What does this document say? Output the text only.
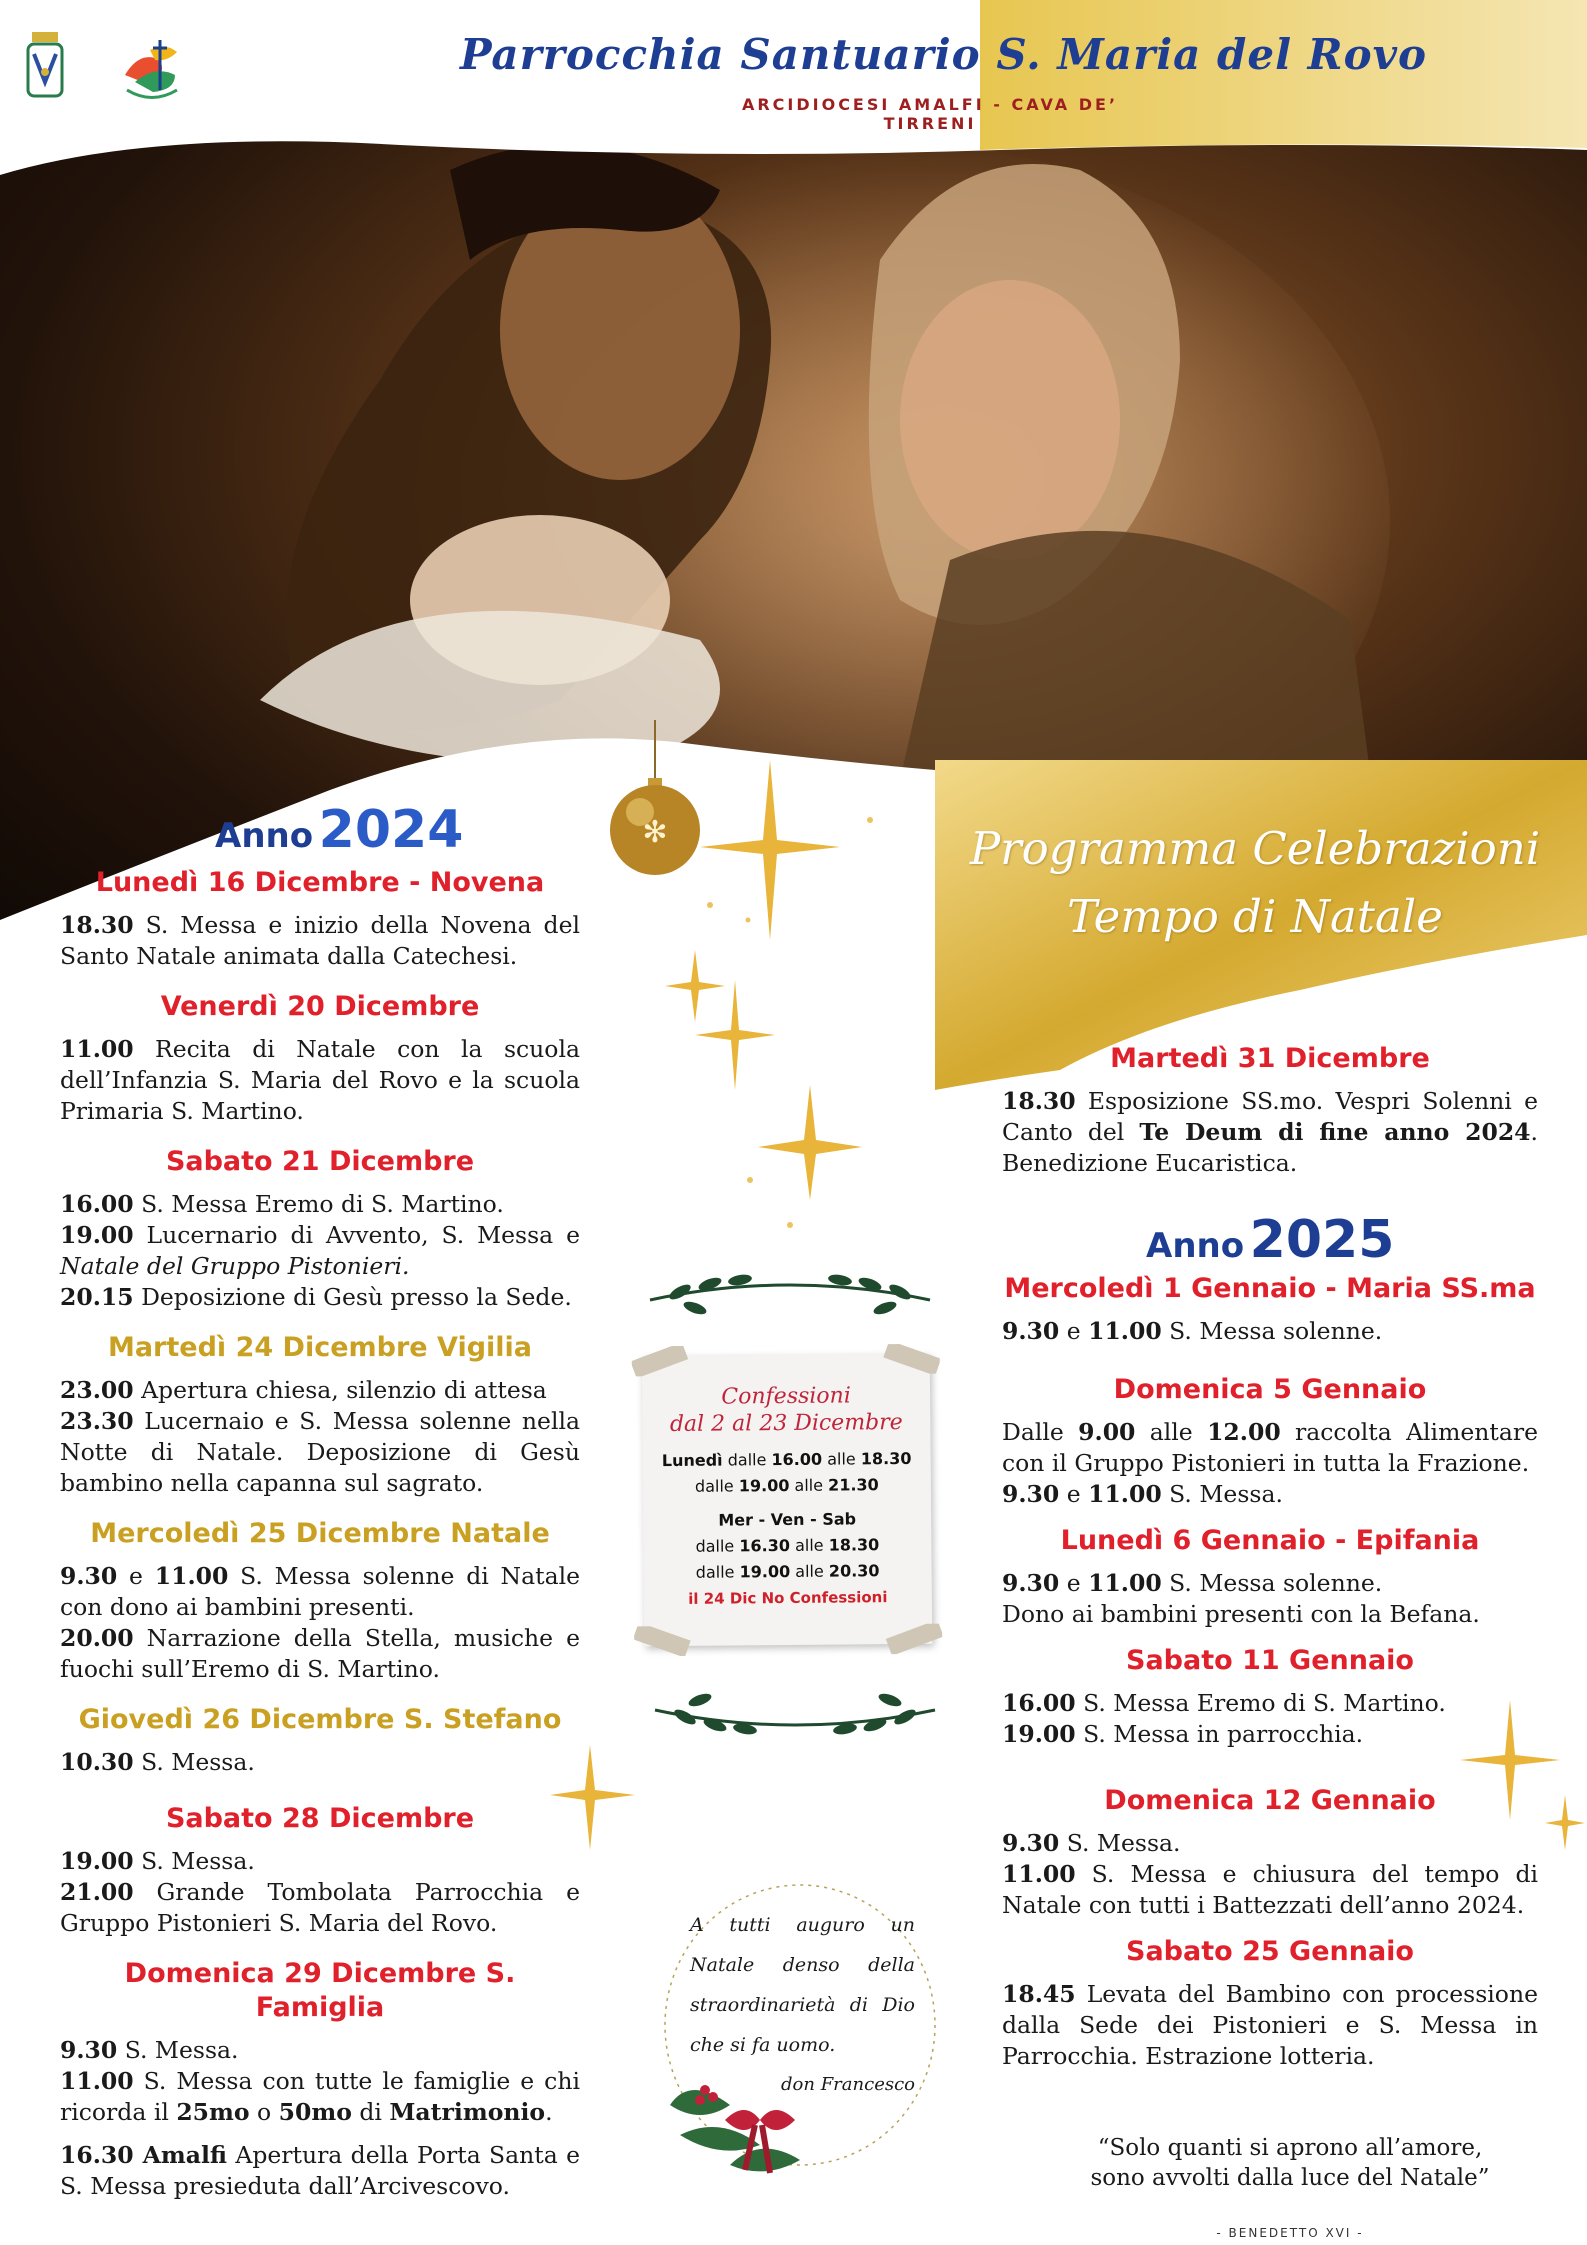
Parrocchia Santuario S. Maria del Rovo
ARCIDIOCESI AMALFI - CAVA DE’ TIRRENI
Programma Celebrazioni
Tempo di Natale
Anno 2024
Anno 2025
Lunedì 16 Dicembre - Novena

18.30 S. Messa e inizio della Novena del Santo Natale animata dalla Catechesi.

Venerdì 20 Dicembre

11.00 Recita di Natale con la scuola dell’Infanzia S. Maria del Rovo e la scuola Primaria S. Martino.

Sabato 21 Dicembre

16.00 S. Messa Eremo di S. Martino.

19.00 Lucernario di Avvento, S. Messa e Natale del Gruppo Pistonieri.

20.15 Deposizione di Gesù presso la Sede.

Martedì 24 Dicembre Vigilia

23.00 Apertura chiesa, silenzio di attesa

23.30 Lucernaio e S. Messa solenne nella Notte di Natale. Deposizione di Gesù bambino nella capanna sul sagrato.

Mercoledì 25 Dicembre Natale

9.30 e 11.00 S. Messa solenne di Natale con dono ai bambini presenti.

20.00 Narrazione della Stella, musiche e fuochi sull’Eremo di S. Martino.

Giovedì 26 Dicembre S. Stefano

10.30 S. Messa.

Sabato 28 Dicembre

19.00 S. Messa.

21.00 Grande Tombolata Parrocchia e Gruppo Pistonieri S. Maria del Rovo.

Domenica 29 Dicembre S. Famiglia

9.30 S. Messa.

11.00 S. Messa con tutte le famiglie e chi ricorda il 25mo o 50mo di Matrimonio.

16.30 Amalfi Apertura della Porta Santa e S. Messa presieduta dall’Arcivescovo.

Martedì 31 Dicembre

18.30 Esposizione SS.mo. Vespri Solenni e Canto del Te Deum di fine anno 2024. Benedizione Eucaristica.

Mercoledì 1 Gennaio - Maria SS.ma

9.30 e 11.00 S. Messa solenne.

Domenica 5 Gennaio

Dalle 9.00 alle 12.00 raccolta Alimentare con il Gruppo Pistonieri in tutta la Frazione.

9.30 e 11.00 S. Messa.

Lunedì 6 Gennaio - Epifania

9.30 e 11.00 S. Messa solenne.

Dono ai bambini presenti con la Befana.

Sabato 11 Gennaio

16.00 S. Messa Eremo di S. Martino.

19.00 S. Messa in parrocchia.

Domenica 12 Gennaio

9.30 S. Messa.

11.00 S. Messa e chiusura del tempo di Natale con tutti i Battezzati dell’anno 2024.

Sabato 25 Gennaio

18.45 Levata del Bambino con processione dalla Sede dei Pistonieri e S. Messa in Parrocchia. Estrazione lotteria.

✻
Confessioni
dal 2 al 23 Dicembre
Lunedì dalle 16.00 alle 18.30
dalle 19.00 alle 21.30
Mer - Ven - Sab
dalle 16.30 alle 18.30
dalle 19.00 alle 20.30
il 24 Dic No Confessioni
A tutti auguro un Natale denso della straordinarietà di Dio che si fa uomo.
don Francesco
“Solo quanti si aprono all’amore,
sono avvolti dalla luce del Natale”
- BENEDETTO XVI -
